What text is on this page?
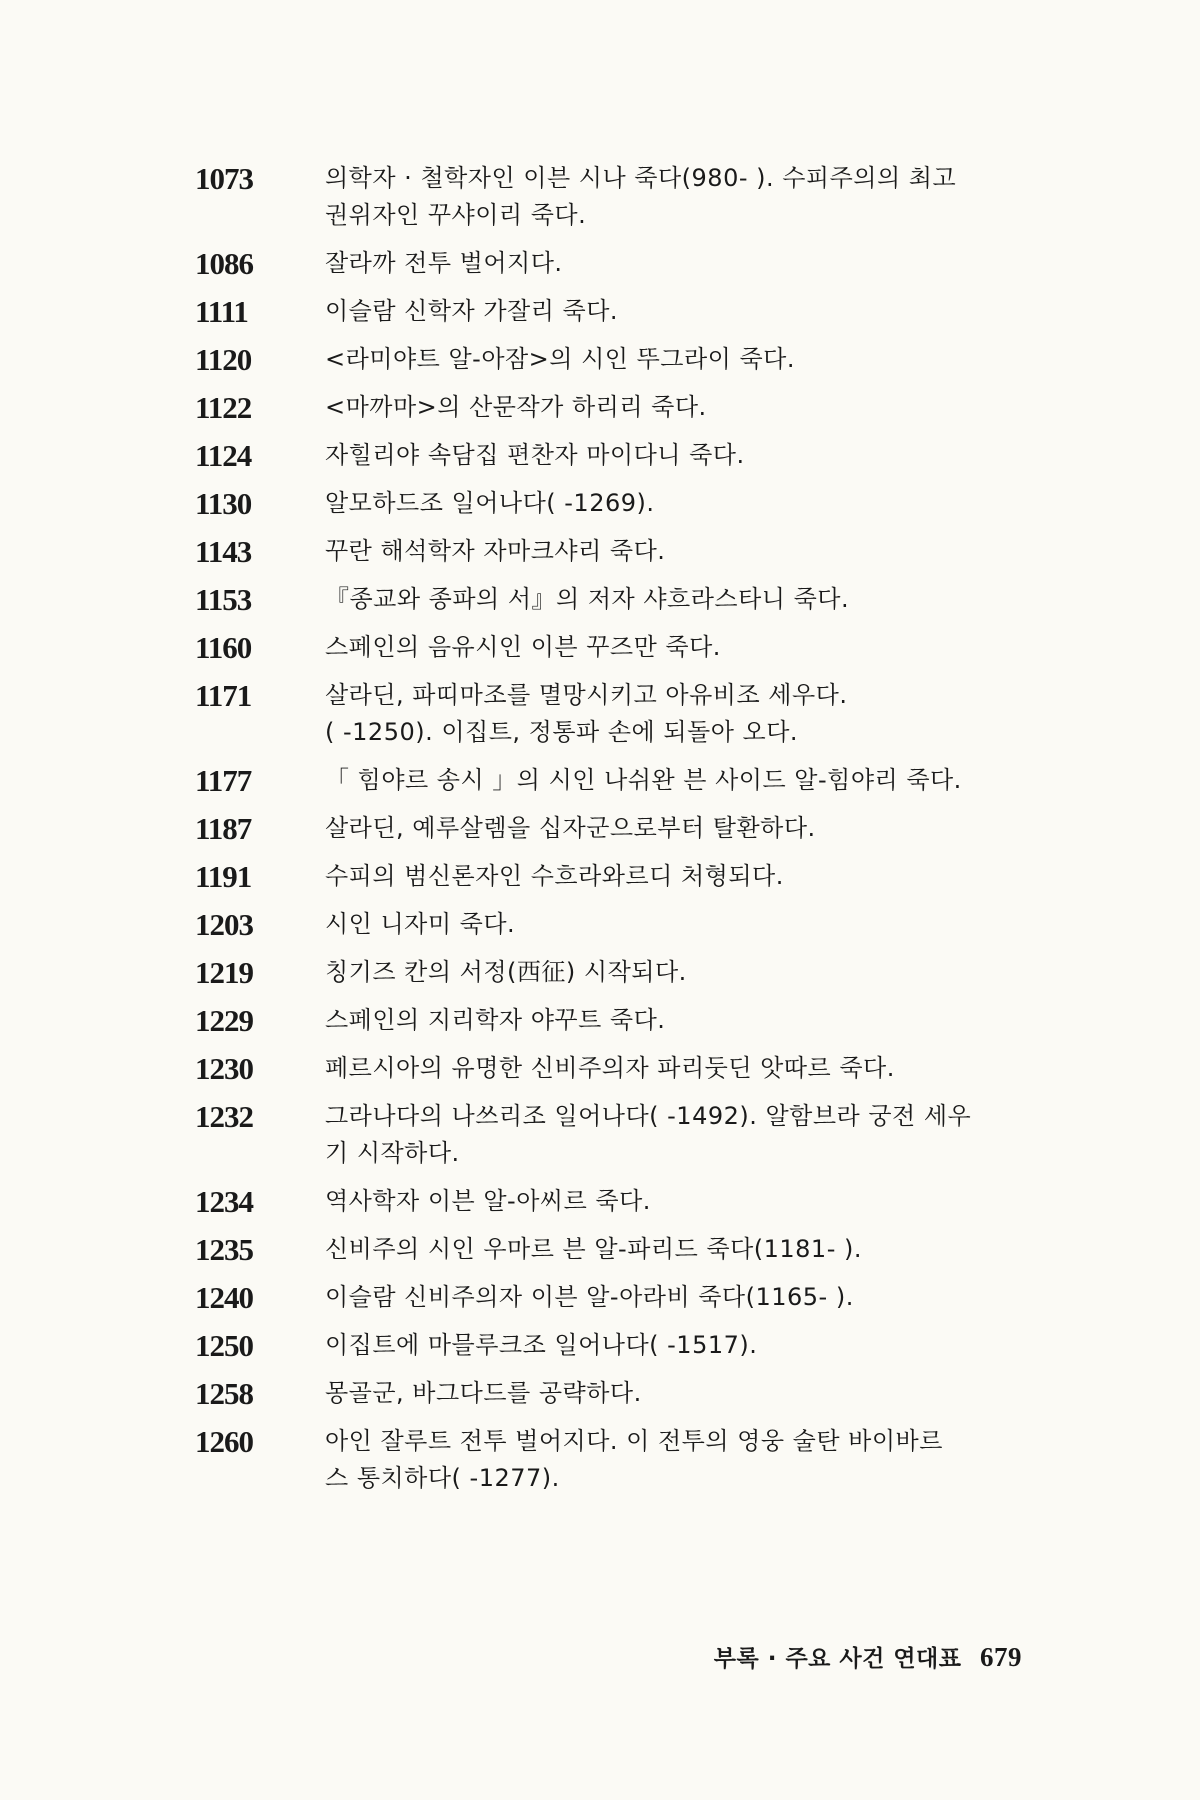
1073	의학자 · 철학자인 이븐 시나 죽다(980- ). 수피주의의 최고
권위자인 꾸샤이리 죽다.
1086	잘라까 전투 벌어지다.
1111	이슬람 신학자 가잘리 죽다.
1120	<라미야트 알-아잠>의 시인 뚜그라이 죽다.
1122	<마까마>의 산문작가 하리리 죽다.
1124	자힐리야 속담집 편찬자 마이다니 죽다.
1130	알모하드조 일어나다( -1269).
1143	꾸란 해석학자 자마크샤리 죽다.
1153	『종교와 종파의 서』의 저자 샤흐라스타니 죽다.
1160	스페인의 음유시인 이븐 꾸즈만 죽다.
1171	살라딘, 파띠마조를 멸망시키고 아유비조 세우다.
( -1250). 이집트, 정통파 손에 되돌아 오다.
1177	「 힘야르 송시 」의 시인 나쉬완 븐 사이드 알-힘야리 죽다.
1187	살라딘, 예루살렘을 십자군으로부터 탈환하다.
1191	수피의 범신론자인 수흐라와르디 처형되다.
1203	시인 니자미 죽다.
1219	칭기즈 칸의 서정(西征) 시작되다.
1229	스페인의 지리학자 야꾸트 죽다.
1230	페르시아의 유명한 신비주의자 파리둣딘 앗따르 죽다.
1232	그라나다의 나쓰리조 일어나다( -1492). 알함브라 궁전 세우
기 시작하다.
1234	역사학자 이븐 알-아씨르 죽다.
1235	신비주의 시인 우마르 븐 알-파리드 죽다(1181- ).
1240	이슬람 신비주의자 이븐 알-아라비 죽다(1165- ).
1250	이집트에 마믈루크조 일어나다( -1517).
1258	몽골군, 바그다드를 공략하다.
1260	아인 잘루트 전투 벌어지다. 이 전투의 영웅 술탄 바이바르
스 통치하다( -1277).
부록 · 주요 사건 연대표 679
